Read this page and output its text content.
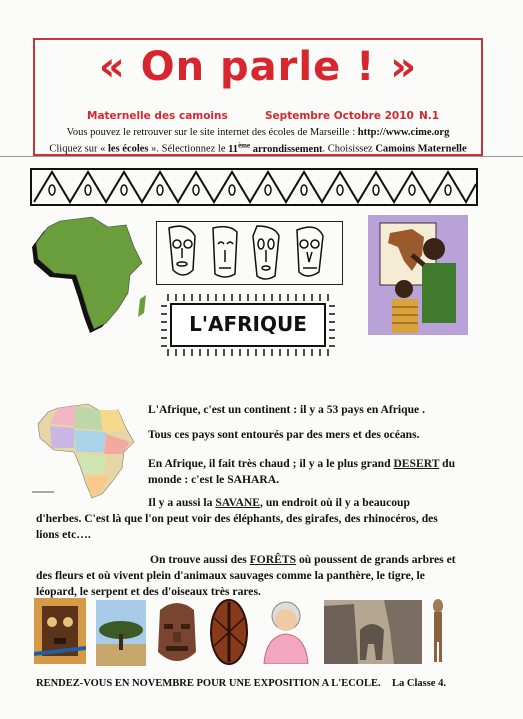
« On parle ! »
Maternelle des camoins	Septembre Octobre 2010 N.1
Vous pouvez le retrouver sur le site internet des écoles de Marseille : http://www.cime.org
Cliquez sur « les écoles ». Sélectionnez le 11ème arrondissement. Choisissez Camoins Maternelle
L'AFRIQUE
L'Afrique, c'est un continent : il y a 53 pays en Afrique .
Tous ces pays sont entourés par des mers et des océans.
En Afrique, il fait très chaud ; il y a le plus grand DESERT du
monde : c'est le SAHARA.
Il y a aussi la SAVANE, un endroit où il y a beaucoup
d'herbes. C'est là que l'on peut voir des éléphants, des girafes, des rhinocéros, des
lions etc….
On trouve aussi des FORÊTS où poussent de grands arbres et
des fleurs et où vivent plein d'animaux sauvages comme la panthère, le tigre, le
léopard, le serpent et des d'oiseaux très rares.
RENDEZ-VOUS EN NOVEMBRE POUR UNE EXPOSITION A L'ECOLE. La Classe 4.
